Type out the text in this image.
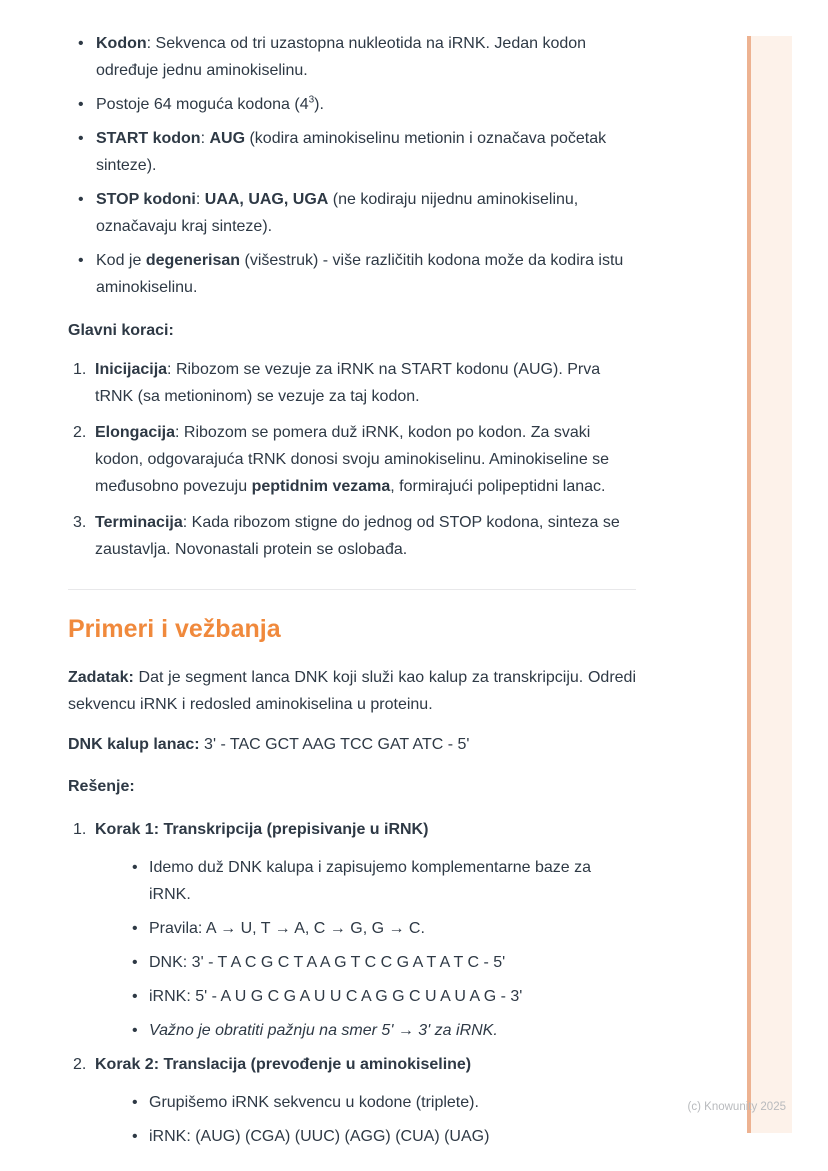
(c) Knowunity 2025
• Kodon: Sekvenca od tri uzastopna nukleotida na iRNK. Jedan kodon određuje jednu aminokiselinu.
• Postoje 64 moguća kodona $(4^3)$.
• START kodon: AUG (kodira aminokiselinu metionin i označava početak sinteze).
• STOP kodoni: UAA, UAG, UGA (ne kodiraju nijednu aminokiselinu, označavaju kraj sinteze).
• Kod je degenerisan (višestruk) - više različitih kodona može da kodira istu aminokiselinu.

Glavni koraci:

1. Inicijacija: Ribozom se vezuje za iRNK na START kodonu (AUG). Prva tRNK (sa metioninom) se vezuje za taj kodon.
2. Elongacija: Ribozom se pomera duž iRNK, kodon po kodon. Za svaki kodon, odgovarajuća tRNK donosi svoju aminokiselinu. Aminokiseline se međusobno povezuju peptidnim vezama, formirajući polipeptidni lanac.
3. Terminacija: Kada ribozom stigne do jednog od STOP kodona, sinteza se zaustavlja. Novonastali protein se oslobađa.
Primeri i vežbanja

Zadatak: Dat je segment lanca DNK koji služi kao kalup za transkripciju. Odredi sekvencu iRNK i redosled aminokiselina u proteinu.

DNK kalup lanac: 3' - TAC GCT AAG TCC GAT ATC - 5'

Rešenje:

1. Korak 1: Transkripcija (prepisivanje u iRNK)
• Idemo duž DNK kalupa i zapisujemo komplementarne baze za iRNK.
• Pravila: A → U, T → A, C → G, G → C.
• DNK: 3' - T A C G C T A A G T C C G A T A T C - 5'
• iRNK: 5' - A U G C G A U U C A G G C U A U A G - 3'
• Važno je obratiti pažnju na smer 5' → 3' za iRNK.
2. Korak 2: Translacija (prevođenje u aminokiseline)
• Grupišemo iRNK sekvencu u kodone (triplete).
• iRNK: (AUG) (CGA) (UUC) (AGG) (CUA) (UAG)
